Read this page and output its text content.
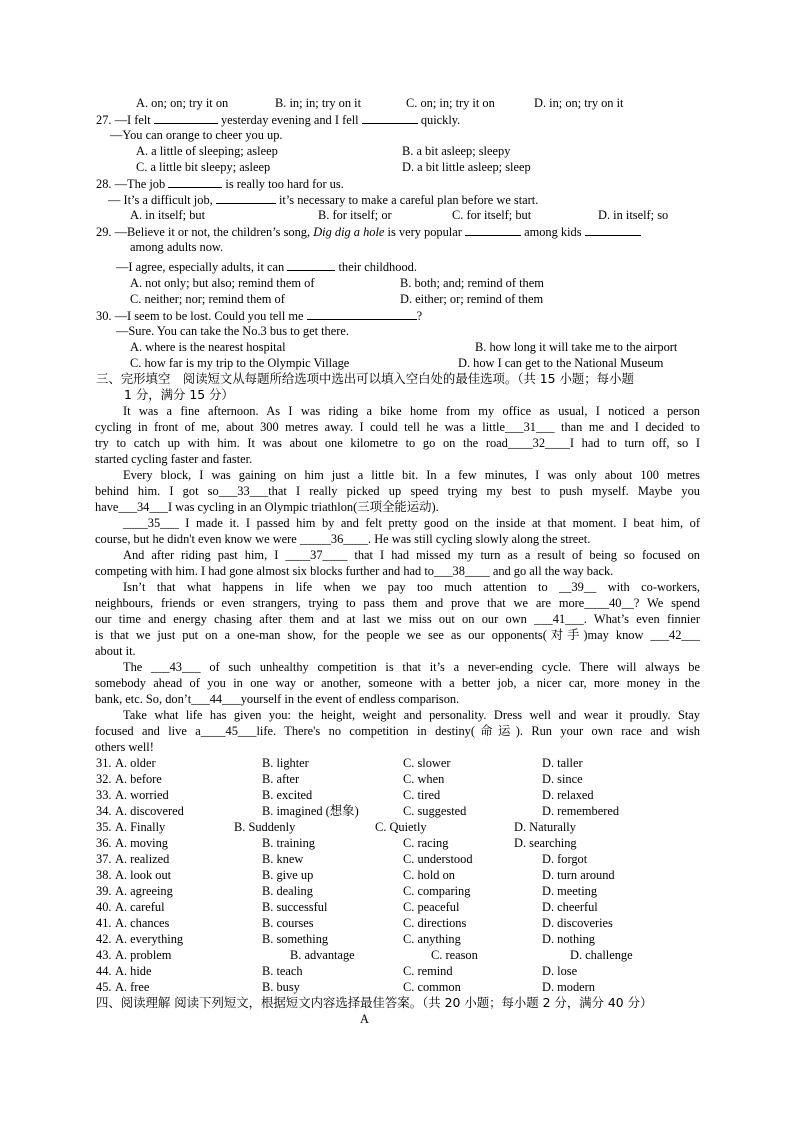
A. on; on; try it on	B. in; in; try on it	C. on; in; try it on	D. in; on; try on it
27. —I felt	yesterday evening and I fell	quickly.
—You can orange to cheer you up.
A. a little of sleeping; asleep	B. a bit asleep; sleepy
C. a little bit sleepy; asleep	D. a bit little asleep; sleep
28. —The job	is really too hard for us.
— It’s a difficult job,	it’s necessary to make a careful plan before we start.
A. in itself; but	B. for itself; or	C. for itself; but	D. in itself; so
29. —Believe it or not, the children’s song, Dig dig a hole is very popular	among kids
among adults now.
—I agree, especially adults, it can	their childhood.
A. not only; but also; remind them of	B. both; and; remind of them
C. neither; nor; remind them of	D. either; or; remind of them
30. —I seem to be lost. Could you tell me	?
—Sure. You can take the No.3 bus to get there.
A. where is the nearest hospital	B. how long it will take me to the airport
C. how far is my trip to the Olympic Village	D. how I can get to the National Museum
三、完形填空　阅读短文从每题所给选项中选出可以填入空白处的最佳选项。（共 15 小题；每小题
1 分，满分 15 分）
It was a fine afternoon. As I was riding a bike home from my office as usual, I noticed a person
cycling in front of me, about 300 metres away. I could tell he was a little___31___ than me and I decided to
try to catch up with him. It was about one kilometre to go on the road____32____I had to turn off, so I
started cycling faster and faster.
Every block, I was gaining on him just a little bit. In a few minutes, I was only about 100 metres
behind him. I got so___33___that I really picked up speed trying my best to push myself. Maybe you
have___34___I was cycling in an Olympic triathlon(三项全能运动).
____35___ I made it. I passed him by and felt pretty good on the inside at that moment. I beat him, of
course, but he didn't even know we were _____36____. He was still cycling slowly along the street.
And after riding past him, I ____37____ that I had missed my turn as a result of being so focused on
competing with him. I had gone almost six blocks further and had to___38____ and go all the way back.
Isn’t that what happens in life when we pay too much attention to __39__ with co-workers,
neighbours, friends or even strangers, trying to pass them and prove that we are more____40__? We spend
our time and energy chasing after them and at last we miss out on our own ___41___. What’s even finnier
is that we just put on a one-man show, for the people we see as our opponents(对手)may know ___42___
about it.
The ___43___ of such unhealthy competition is that it’s a never-ending cycle. There will always be
somebody ahead of you in one way or another, someone with a better job, a nicer car, more money in the
bank, etc. So, don’t___44___yourself in the event of endless comparison.
Take what life has given you: the height, weight and personality. Dress well and wear it proudly. Stay
focused and live a____45___life. There's no competition in destiny(命运). Run your own race and wish
others well!
31. A. older	B. lighter	C. slower	D. taller
32. A. before	B. after	C. when	D. since
33. A. worried	B. excited	C. tired	D. relaxed
34. A. discovered	B. imagined (想象)	C. suggested	D. remembered
35. A. Finally	B. Suddenly	C. Quietly	D. Naturally
36. A. moving	B. training	C. racing	D. searching
37. A. realized	B. knew	C. understood	D. forgot
38. A. look out	B. give up	C. hold on	D. turn around
39. A. agreeing	B. dealing	C. comparing	D. meeting
40. A. careful	B. successful	C. peaceful	D. cheerful
41. A. chances	B. courses	C. directions	D. discoveries
42. A. everything	B. something	C. anything	D. nothing
43. A. problem	B. advantage	C. reason	D. challenge
44. A. hide	B. teach	C. remind	D. lose
45. A. free	B. busy	C. common	D. modern
四、阅读理解 阅读下列短文，根据短文内容选择最佳答案。（共 20 小题；每小题 2 分，满分 40 分）
A
